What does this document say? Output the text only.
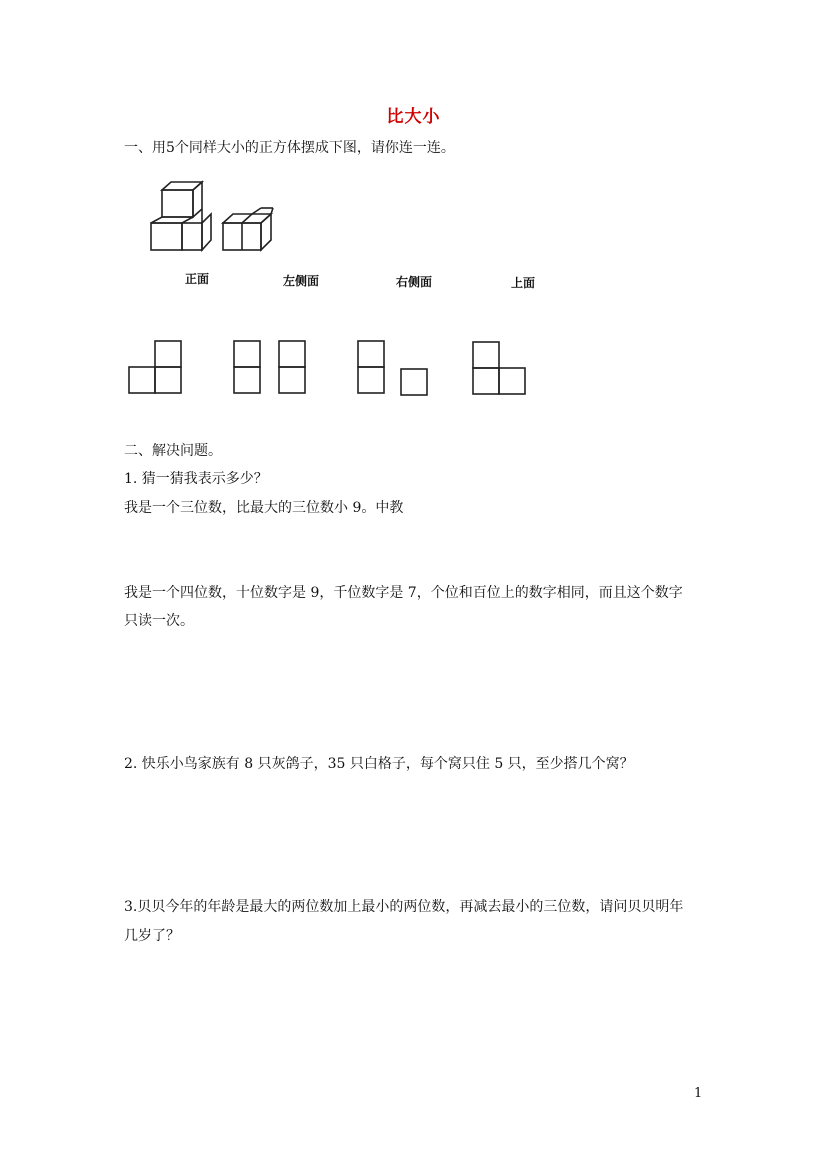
比大小
一、用5个同样大小的正方体摆成下图，请你连一连。
正面	左侧面	右侧面	上面
二、解决问题。
1. 猜一猜我表示多少？
我是一个三位数，比最大的三位数小 9。中教
我是一个四位数，十位数字是 9，千位数字是 7，个位和百位上的数字相同，而且这个数字
只读一次。
2. 快乐小鸟家族有 8 只灰鸽子，35 只白格子，每个窝只住 5 只，至少搭几个窝？
3.贝贝今年的年龄是最大的两位数加上最小的两位数，再减去最小的三位数，请问贝贝明年
几岁了？
1
